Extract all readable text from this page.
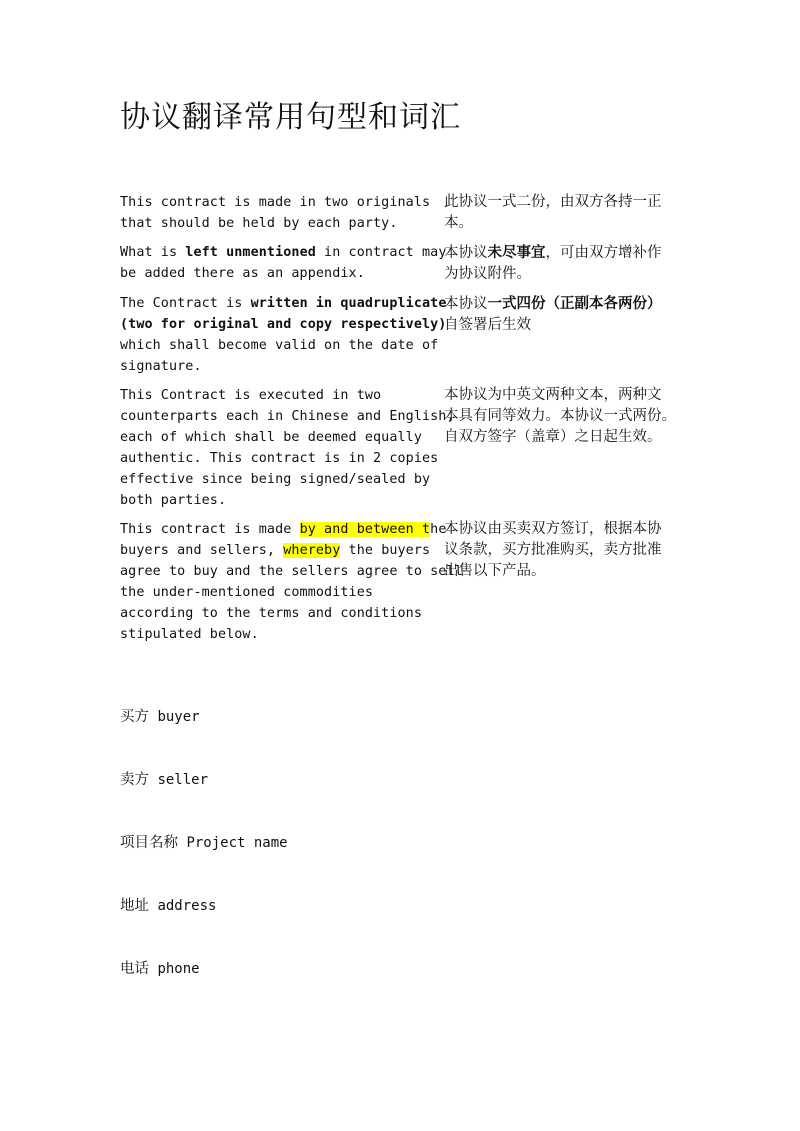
协议翻译常用句型和词汇
This contract is made in two originals
that should be held by each party.
此协议一式二份，由双方各持一正
本。
What is left unmentioned in contract may
be added there as an appendix.
本协议未尽事宜，可由双方增补作
为协议附件。
The Contract is written in quadruplicate
(two for original and copy respectively)
which shall become valid on the date of
signature.
本协议一式四份（正副本各两份）
自签署后生效
This Contract is executed in two
counterparts each in Chinese and English,
each of which shall be deemed equally
authentic. This contract is in 2 copies
effective since being signed/sealed by
both parties.
本协议为中英文两种文本，两种文
本具有同等效力。本协议一式两份。
自双方签字（盖章）之日起生效。
This contract is made by and between the
buyers and sellers, whereby the buyers
agree to buy and the sellers agree to sell
the under-mentioned commodities
according to the terms and conditions
stipulated below.
本协议由买卖双方签订，根据本协
议条款，买方批准购买，卖方批准
出售以下产品。
买方 buyer
卖方 seller
项目名称 Project name
地址 address
电话 phone
